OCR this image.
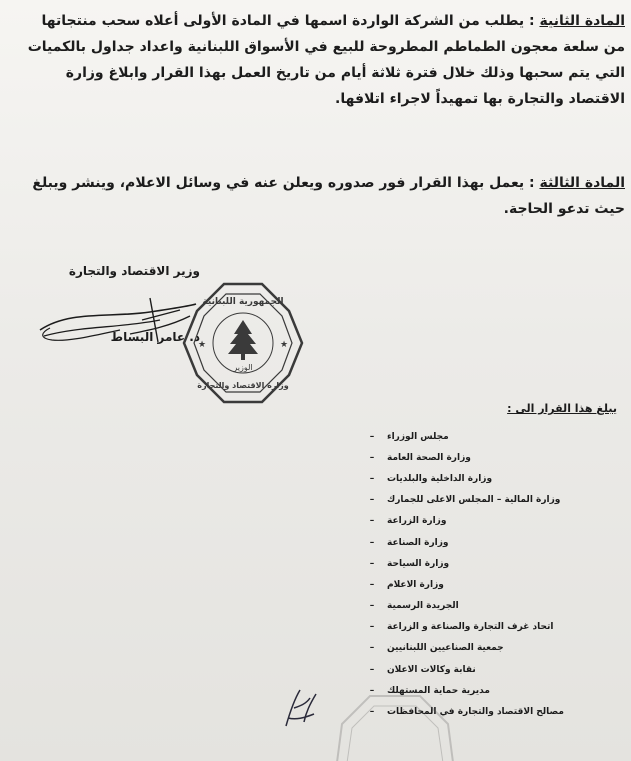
المادة الثانية : يطلب من الشركة الواردة اسمها في المادة الأولى أعلاه سحب منتجاتها من سلعة معجون الطماطم المطروحة للبيع في الأسواق اللبنانية واعداد جداول بالكميات التي يتم سحبها وذلك خلال فترة ثلاثة أيام من تاريخ العمل بهذا القرار وابلاغ وزارة الاقتصاد والتجارة بها تمهيداً لاجراء اتلافها.
المادة الثالثة : يعمل بهذا القرار فور صدوره ويعلن عنه في وسائل الاعلام، وينشر ويبلغ حيث تدعو الحاجة.
وزير الاقتصاد والتجارة
د. عامر البساط
الجمهورية اللبنانية
الوزير
وزارة الاقتصاد والتجارة
★	★
يبلغ هذا القرار الى :
–	مجلس الوزراء
–	وزارة الصحة العامة
–	وزارة الداخلية والبلديات
–	وزارة المالية – المجلس الاعلى للجمارك
–	وزارة الزراعة
–	وزارة الصناعة
–	وزارة السياحة
–	وزارة الاعلام
–	الجريدة الرسمية
–	اتحاد غرف التجارة والصناعة و الزراعة
–	جمعية الصناعيين اللبنانيين
–	نقابة وكالات الاعلان
–	مديرية حماية المستهلك
–	مصالح الاقتصاد والتجارة في المحافظات
